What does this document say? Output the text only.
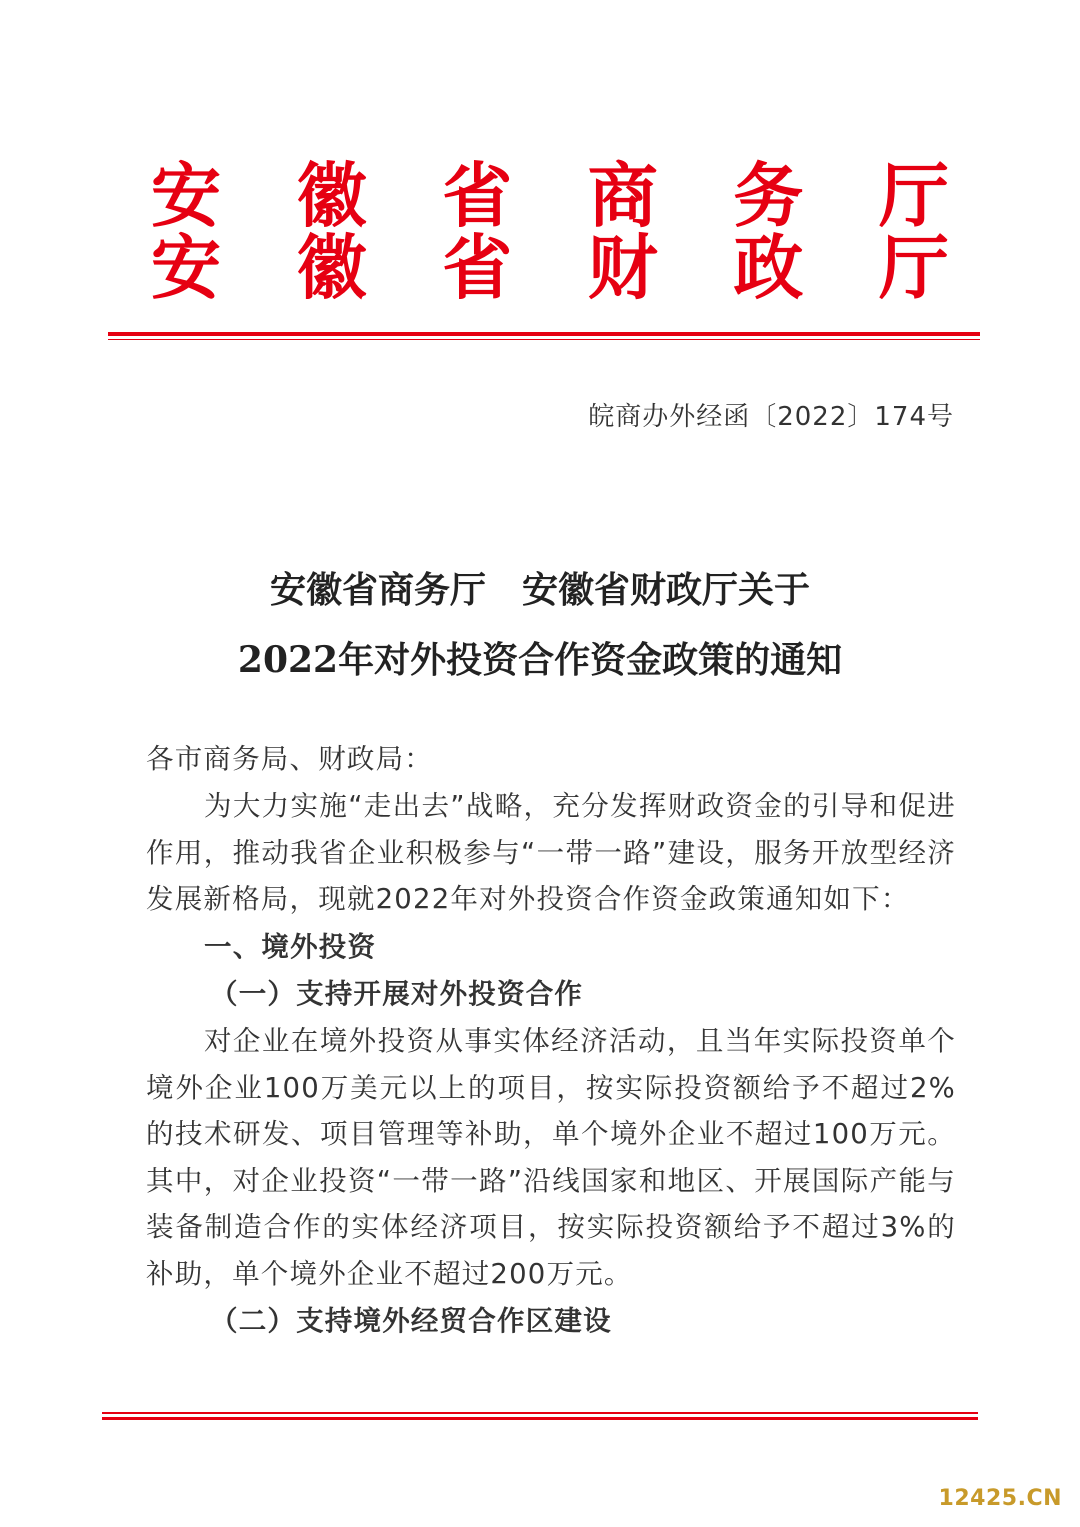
安 徽 省 商 务 厅
安 徽 省 财 政 厅
皖商办外经函〔2022〕174号
安徽省商务厅　安徽省财政厅关于
2022年对外投资合作资金政策的通知
各市商务局、财政局：
为大力实施“走出去”战略，充分发挥财政资金的引导和促进作用，推动我省企业积极参与“一带一路”建设，服务开放型经济发展新格局，现就2022年对外投资合作资金政策通知如下：
一、境外投资
（一）支持开展对外投资合作
对企业在境外投资从事实体经济活动，且当年实际投资单个境外企业100万美元以上的项目，按实际投资额给予不超过2%的技术研发、项目管理等补助，单个境外企业不超过100万元。其中，对企业投资“一带一路”沿线国家和地区、开展国际产能与装备制造合作的实体经济项目，按实际投资额给予不超过3%的补助，单个境外企业不超过200万元。
（二）支持境外经贸合作区建设
12425.CN
